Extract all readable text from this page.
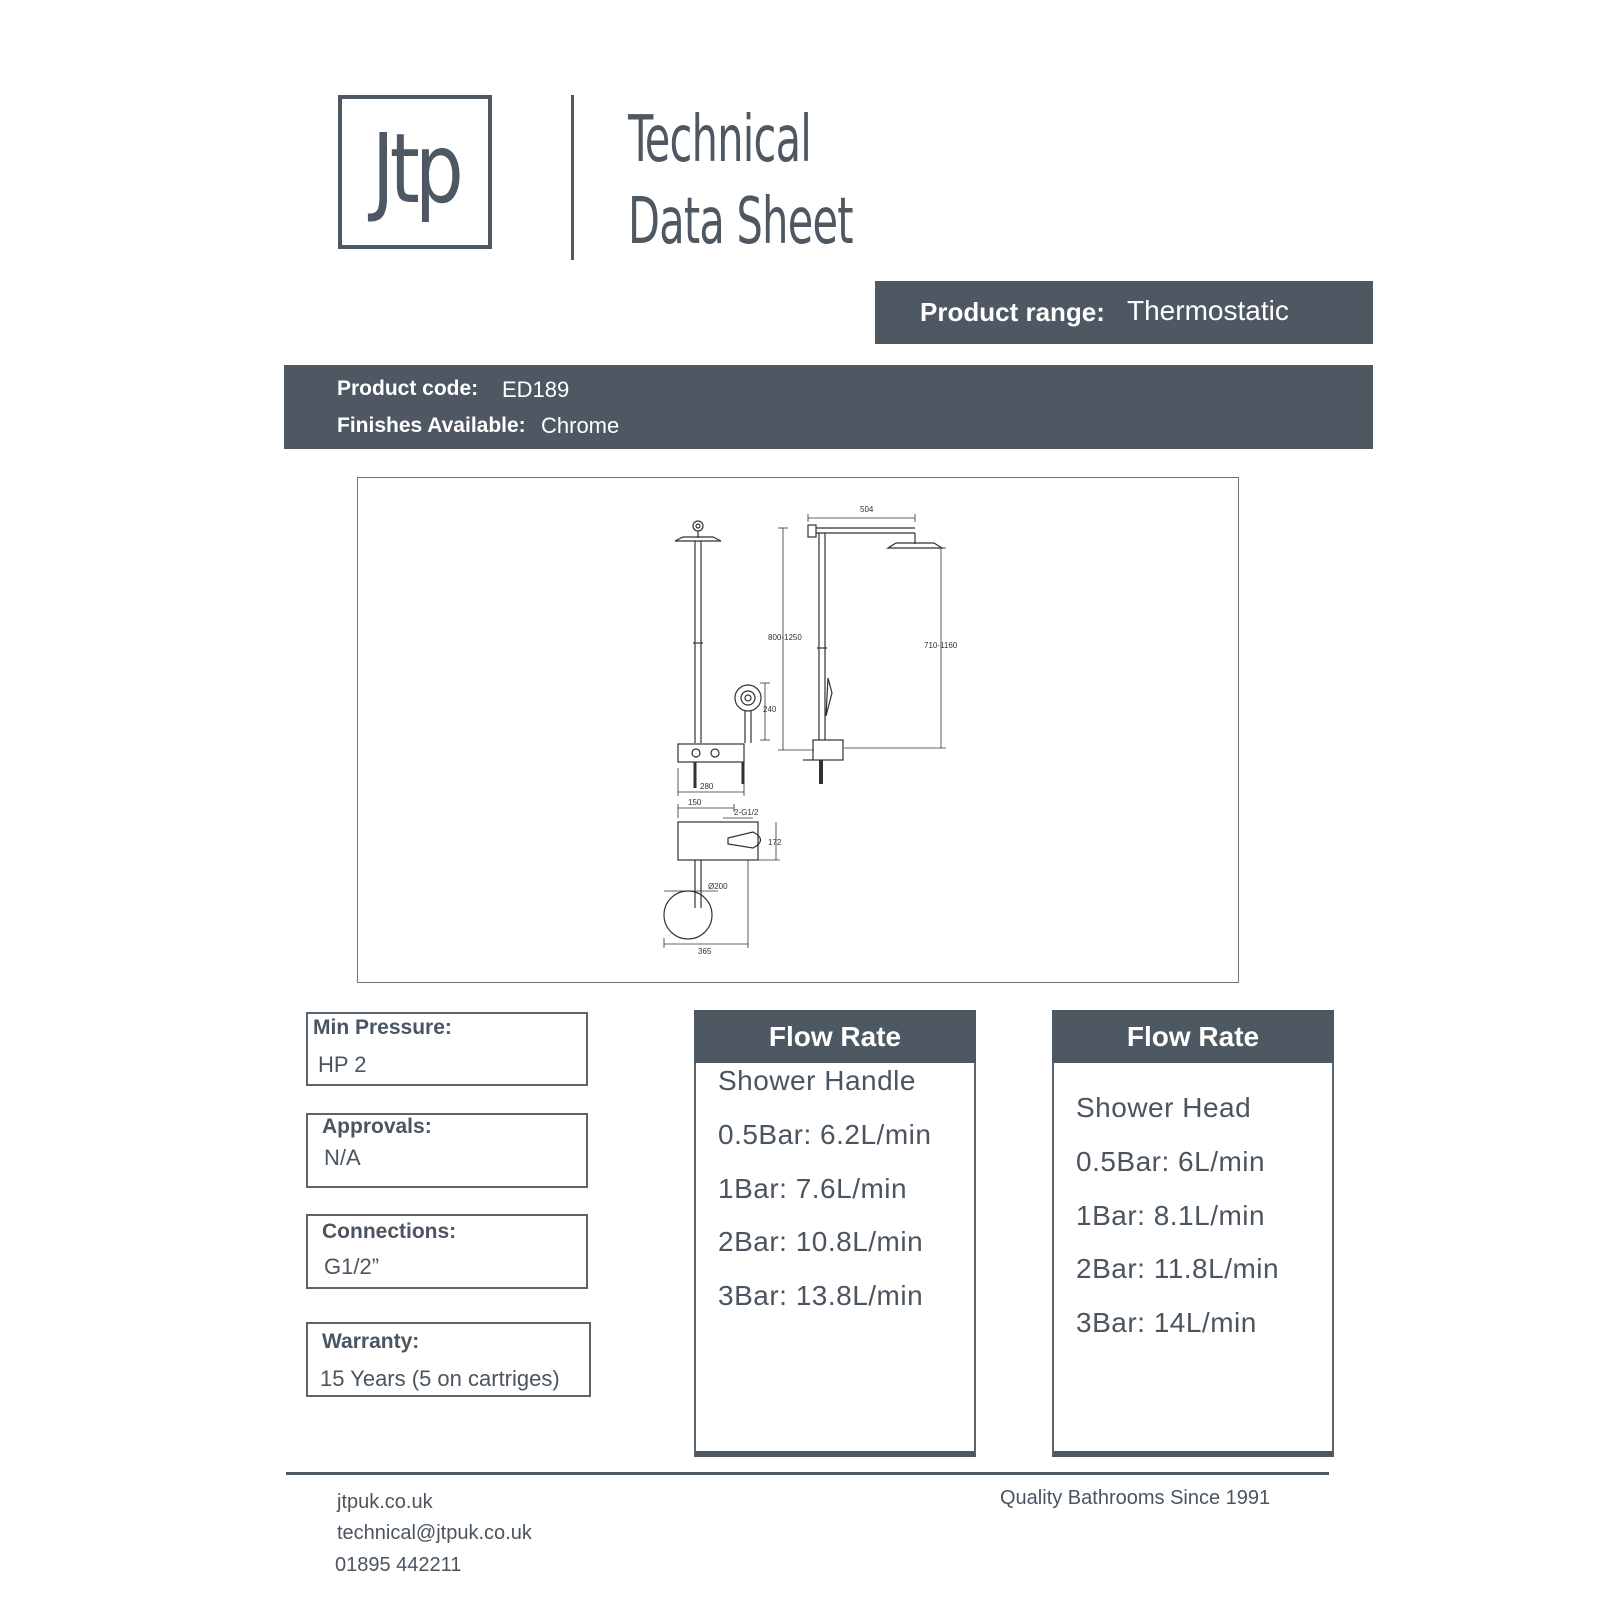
Jtp	Technical
Data Sheet
Product range: Thermostatic
Product code: ED189
Finishes Available: Chrome
504
800-1250
710-1160
240
280
150
2-G1/2
172
Ø200
365
Min Pressure:
HP 2
Approvals:
N/A
Connections:
G1/2”
Warranty:
15 Years (5 on cartriges)
Flow Rate
Shower Handle
0.5Bar: 6.2L/min
1Bar: 7.6L/min
2Bar: 10.8L/min
3Bar: 13.8L/min
Flow Rate
Shower Head
0.5Bar: 6L/min
1Bar: 8.1L/min
2Bar: 11.8L/min
3Bar: 14L/min
jtpuk.co.uk
technical@jtpuk.co.uk
01895 442211
Quality Bathrooms Since 1991
